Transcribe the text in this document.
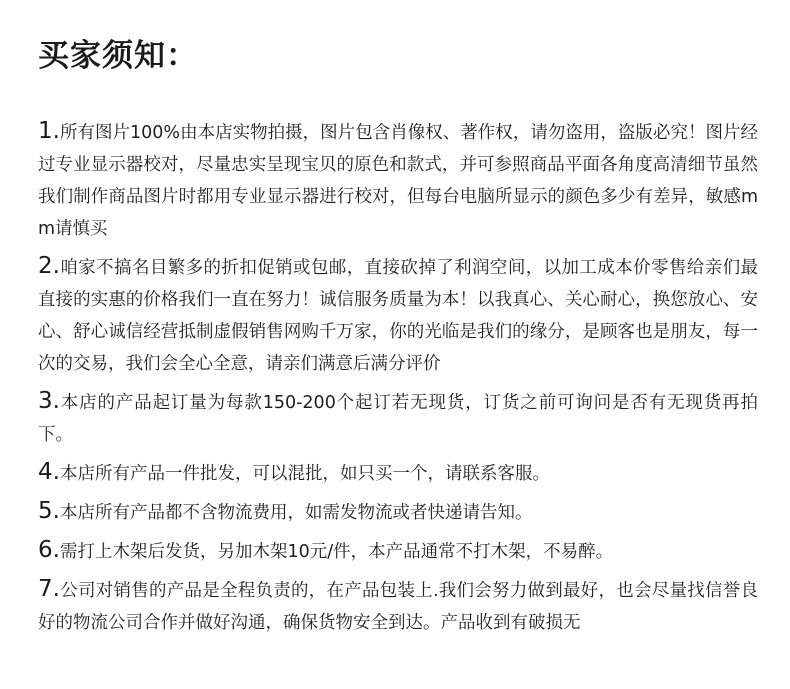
买家须知：
1.所有图片100%由本店实物拍摄，图片包含肖像权、著作权，请勿盗用，盗版必究！图片经过专业显示器校对，尽量忠实呈现宝贝的原色和款式，并可参照商品平面各角度高清细节虽然我们制作商品图片时都用专业显示器进行校对，但每台电脑所显示的颜色多少有差异，敏感mm请慎买
2.咱家不搞名目繁多的折扣促销或包邮，直接砍掉了利润空间，以加工成本价零售给亲们最直接的实惠的价格我们一直在努力！诚信服务质量为本！以我真心、关心耐心，换您放心、安心、舒心诚信经营抵制虚假销售网购千万家，你的光临是我们的缘分，是顾客也是朋友，每一次的交易，我们会全心全意，请亲们满意后满分评价
3.本店的产品起订量为每款150-200个起订若无现货，订货之前可询问是否有无现货再拍下。
4.本店所有产品一件批发，可以混批，如只买一个，请联系客服。
5.本店所有产品都不含物流费用，如需发物流或者快递请告知。
6.需打上木架后发货，另加木架10元/件，本产品通常不打木架，不易醉。
7.公司对销售的产品是全程负责的，在产品包装上.我们会努力做到最好，也会尽量找信誉良好的物流公司合作并做好沟通，确保货物安全到达。产品收到有破损无
